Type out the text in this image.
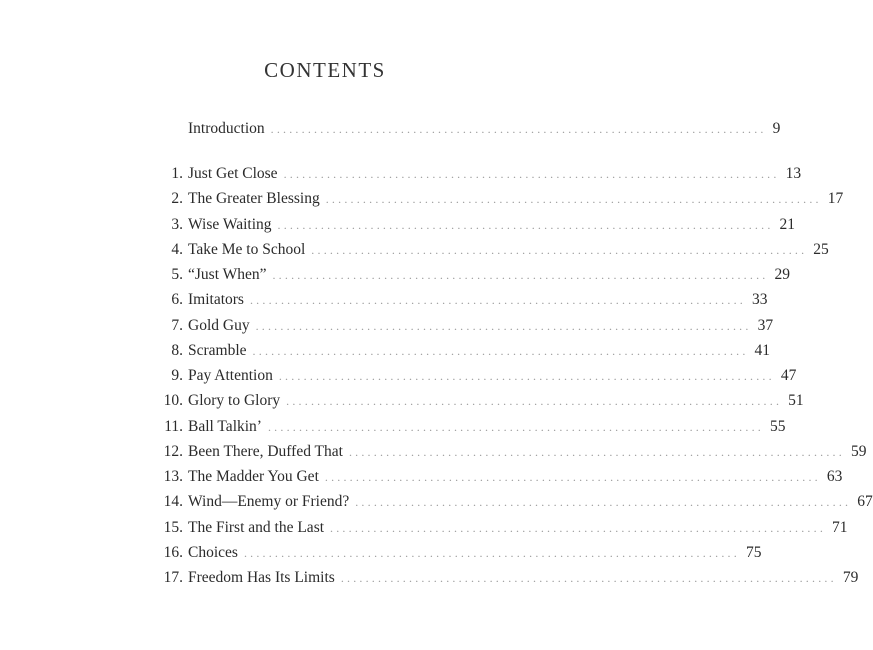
CONTENTS
Introduction ................................................................................ 9
1. Just Get Close ................................................................................ 13
2. The Greater Blessing ................................................................................ 17
3. Wise Waiting ................................................................................ 21
4. Take Me to School ................................................................................ 25
5. “Just When” ................................................................................ 29
6. Imitators ................................................................................ 33
7. Gold Guy ................................................................................ 37
8. Scramble ................................................................................ 41
9. Pay Attention ................................................................................ 47
10. Glory to Glory ................................................................................ 51
11. Ball Talkin’ ................................................................................ 55
12. Been There, Duffed That ................................................................................ 59
13. The Madder You Get ................................................................................ 63
14. Wind—Enemy or Friend? ................................................................................ 67
15. The First and the Last ................................................................................ 71
16. Choices ................................................................................ 75
17. Freedom Has Its Limits ................................................................................ 79
